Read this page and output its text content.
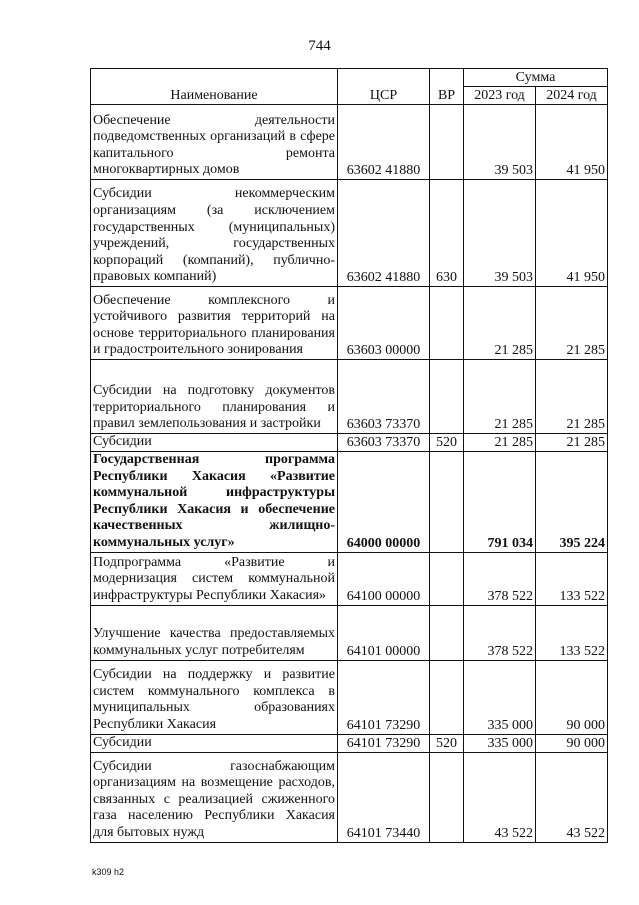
744
Наименование	ЦСР	ВР	Сумма	
			2023 год	2024 год
Обеспечение деятельности подведомственных организаций в сфере капитального ремонта многоквартирных домов	63602 41880		39 503	41 950
Субсидии некоммерческим организациям (за исключением государственных (муниципальных) учреждений, государственных корпораций (компаний), публично-правовых компаний)	63602 41880	630	39 503	41 950
Обеспечение комплексного и устойчивого развития территорий на основе территориального планирования и градостроительного зонирования	63603 00000		21 285	21 285
Субсидии на подготовку документов территориального планирования и правил землепользования и застройки	63603 73370		21 285	21 285
Субсидии	63603 73370	520	21 285	21 285
Государственная программа Республики Хакасия «Развитие коммунальной инфраструктуры Республики Хакасия и обеспечение качественных жилищно-коммунальных услуг»	64000 00000		791 034	395 224
Подпрограмма «Развитие и модернизация систем коммунальной инфраструктуры Республики Хакасия»	64100 00000		378 522	133 522
Улучшение качества предоставляемых коммунальных услуг потребителям	64101 00000		378 522	133 522
Субсидии на поддержку и развитие систем коммунального комплекса в муниципальных образованиях Республики Хакасия	64101 73290		335 000	90 000
Субсидии	64101 73290	520	335 000	90 000
Субсидии газоснабжающим организациям на возмещение расходов, связанных с реализацией сжиженного газа населению Республики Хакасия для бытовых нужд	64101 73440		43 522	43 522
k309 h2
